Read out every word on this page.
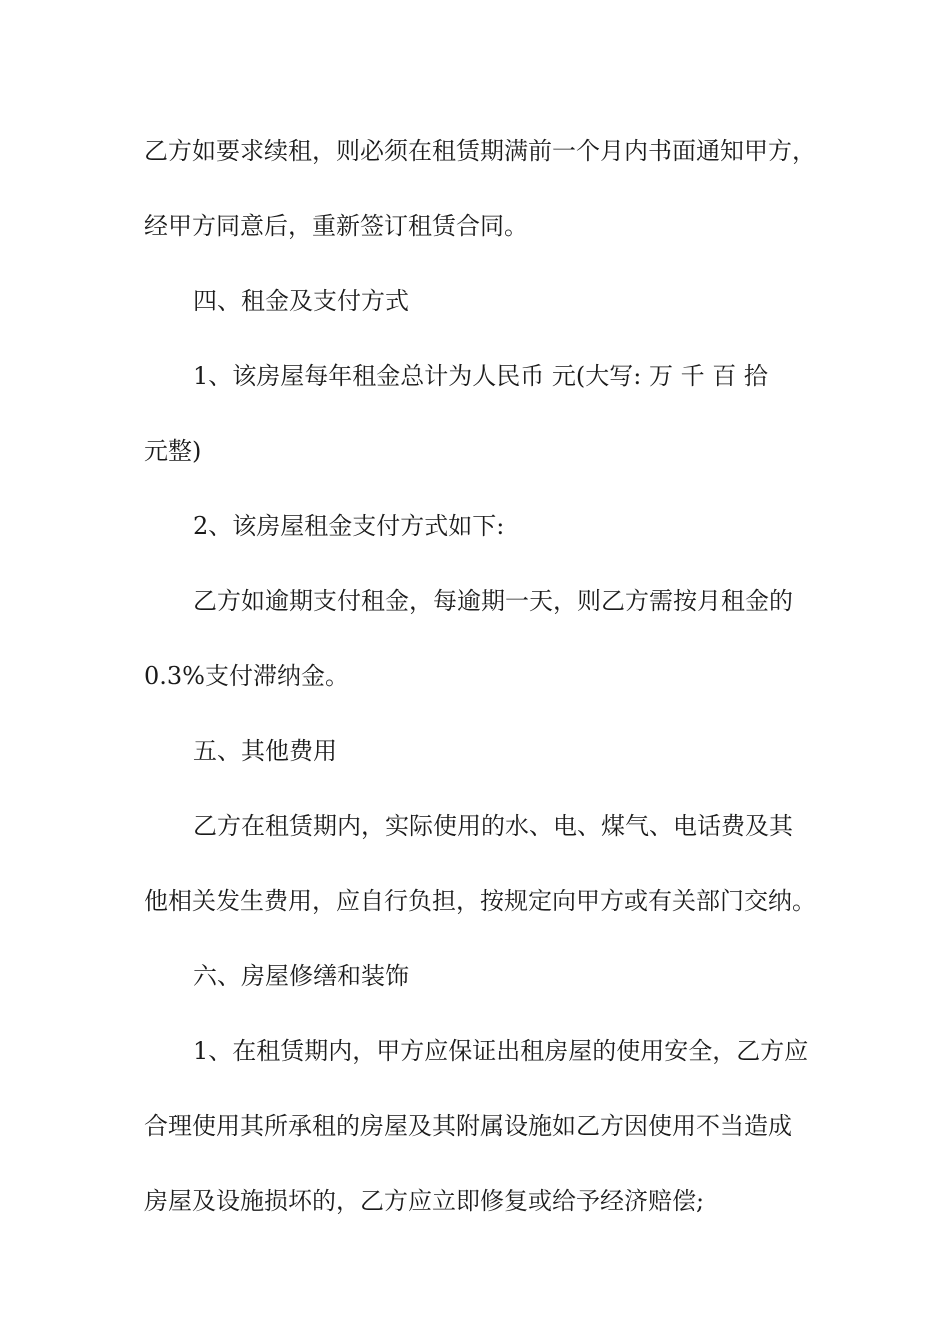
乙方如要求续租，则必须在租赁期满前一个月内书面通知甲方，
经甲方同意后，重新签订租赁合同。
四、租金及支付方式
1、该房屋每年租金总计为人民币 元(大写: 万 千 百 拾
元整)
2、该房屋租金支付方式如下:
乙方如逾期支付租金，每逾期一天，则乙方需按月租金的
0.3%支付滞纳金。
五、其他费用
乙方在租赁期内，实际使用的水、电、煤气、电话费及其
他相关发生费用，应自行负担，按规定向甲方或有关部门交纳。
六、房屋修缮和装饰
1、在租赁期内，甲方应保证出租房屋的使用安全，乙方应
合理使用其所承租的房屋及其附属设施如乙方因使用不当造成
房屋及设施损坏的，乙方应立即修复或给予经济赔偿;
